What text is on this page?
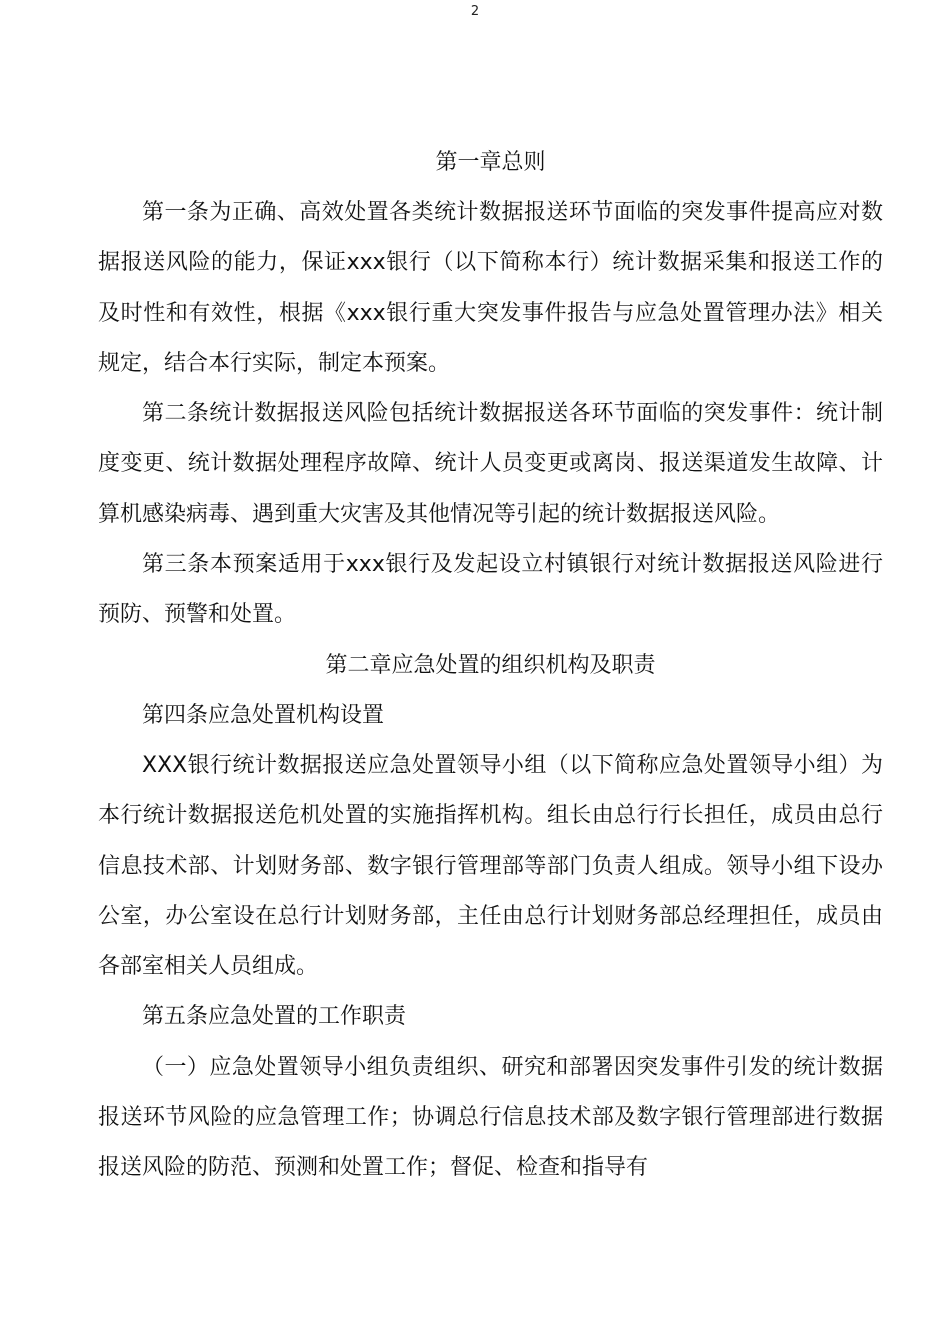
2

第一章总则

第一条为正确、高效处置各类统计数据报送环节面临的突发事件提高应对数据报送风险的能力，保证xxx银行（以下简称本行）统计数据采集和报送工作的及时性和有效性，根据《xxx银行重大突发事件报告与应急处置管理办法》相关规定，结合本行实际，制定本预案。

第二条统计数据报送风险包括统计数据报送各环节面临的突发事件：统计制度变更、统计数据处理程序故障、统计人员变更或离岗、报送渠道发生故障、计算机感染病毒、遇到重大灾害及其他情况等引起的统计数据报送风险。

第三条本预案适用于xxx银行及发起设立村镇银行对统计数据报送风险进行预防、预警和处置。

第二章应急处置的组织机构及职责

第四条应急处置机构设置

XXX银行统计数据报送应急处置领导小组（以下简称应急处置领导小组）为本行统计数据报送危机处置的实施指挥机构。组长由总行行长担任，成员由总行信息技术部、计划财务部、数字银行管理部等部门负责人组成。领导小组下设办公室，办公室设在总行计划财务部，主任由总行计划财务部总经理担任，成员由各部室相关人员组成。

第五条应急处置的工作职责

（一）应急处置领导小组负责组织、研究和部署因突发事件引发的统计数据报送环节风险的应急管理工作；协调总行信息技术部及数字银行管理部进行数据报送风险的防范、预测和处置工作；督促、检查和指导有
